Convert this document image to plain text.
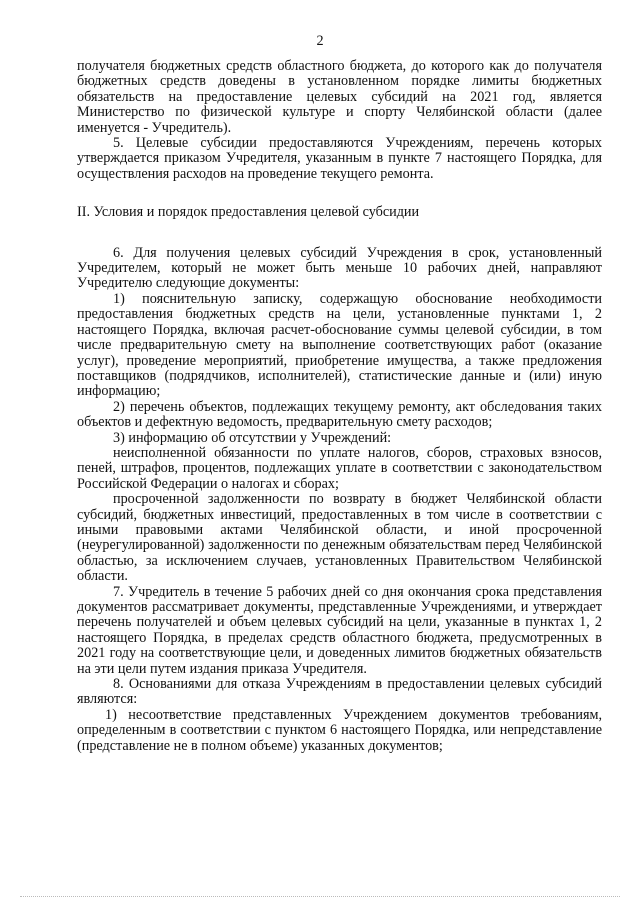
2

получателя бюджетных средств областного бюджета, до которого как до получателя бюджетных средств доведены в установленном порядке лимиты бюджетных обязательств на предоставление целевых субсидий на 2021 год, является Министерство по физической культуре и спорту Челябинской области (далее именуется - Учредитель).

5. Целевые субсидии предоставляются Учреждениям, перечень которых утверждается приказом Учредителя, указанным в пункте 7 настоящего Порядка, для осуществления расходов на проведение текущего ремонта.

II. Условия и порядок предоставления целевой субсидии

6. Для получения целевых субсидий Учреждения в срок, установленный Учредителем, который не может быть меньше 10 рабочих дней, направляют Учредителю следующие документы:

1) пояснительную записку, содержащую обоснование необходимости предоставления бюджетных средств на цели, установленные пунктами 1, 2 настоящего Порядка, включая расчет-обоснование суммы целевой субсидии, в том числе предварительную смету на выполнение соответствующих работ (оказание услуг), проведение мероприятий, приобретение имущества, а также предложения поставщиков (подрядчиков, исполнителей), статистические данные и (или) иную информацию;

2) перечень объектов, подлежащих текущему ремонту, акт обследования таких объектов и дефектную ведомость, предварительную смету расходов;

3) информацию об отсутствии у Учреждений:

неисполненной обязанности по уплате налогов, сборов, страховых взносов, пеней, штрафов, процентов, подлежащих уплате в соответствии с законодательством Российской Федерации о налогах и сборах;

просроченной задолженности по возврату в бюджет Челябинской области субсидий, бюджетных инвестиций, предоставленных в том числе в соответствии с иными правовыми актами Челябинской области, и иной просроченной (неурегулированной) задолженности по денежным обязательствам перед Челябинской областью, за исключением случаев, установленных Правительством Челябинской области.

7. Учредитель в течение 5 рабочих дней со дня окончания срока представления документов рассматривает документы, представленные Учреждениями, и утверждает перечень получателей и объем целевых субсидий на цели, указанные в пунктах 1, 2 настоящего Порядка, в пределах средств областного бюджета, предусмотренных в 2021 году на соответствующие цели, и доведенных лимитов бюджетных обязательств на эти цели путем издания приказа Учредителя.

8. Основаниями для отказа Учреждениям в предоставлении целевых субсидий являются:

1) несоответствие представленных Учреждением документов требованиям, определенным в соответствии с пунктом 6 настоящего Порядка, или непредставление (представление не в полном объеме) указанных документов;
